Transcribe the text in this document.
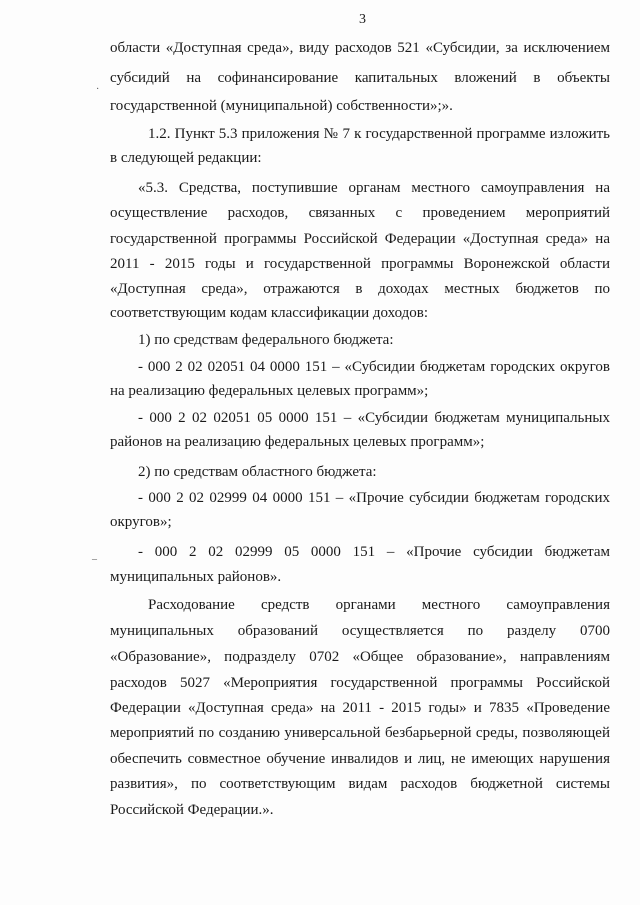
3
·
–
области «Доступная среда», виду расходов 521 «Субсидии, за исключением
субсидий на софинансирование капитальных вложений в объекты
государственной (муниципальной) собственности»;».
1.2. Пункт 5.3 приложения № 7 к государственной программе изложить
в следующей редакции:
«5.3. Средства, поступившие органам местного самоуправления на
осуществление расходов, связанных с проведением мероприятий
государственной программы Российской Федерации «Доступная среда» на
2011 - 2015 годы и государственной программы Воронежской области
«Доступная среда», отражаются в доходах местных бюджетов по
соответствующим кодам классификации доходов:
1) по средствам федерального бюджета:
- 000 2 02 02051 04 0000 151 – «Субсидии бюджетам городских округов
на реализацию федеральных целевых программ»;
- 000 2 02 02051 05 0000 151 – «Субсидии бюджетам муниципальных
районов на реализацию федеральных целевых программ»;
2) по средствам областного бюджета:
- 000 2 02 02999 04 0000 151 – «Прочие субсидии бюджетам городских
округов»;
- 000 2 02 02999 05 0000 151 – «Прочие субсидии бюджетам
муниципальных районов».
Расходование средств органами местного самоуправления
муниципальных образований осуществляется по разделу 0700
«Образование», подразделу 0702 «Общее образование», направлениям
расходов 5027 «Мероприятия государственной программы Российской
Федерации «Доступная среда» на 2011 - 2015 годы» и 7835 «Проведение
мероприятий по созданию универсальной безбарьерной среды, позволяющей
обеспечить совместное обучение инвалидов и лиц, не имеющих нарушения
развития», по соответствующим видам расходов бюджетной системы
Российской Федерации.».
